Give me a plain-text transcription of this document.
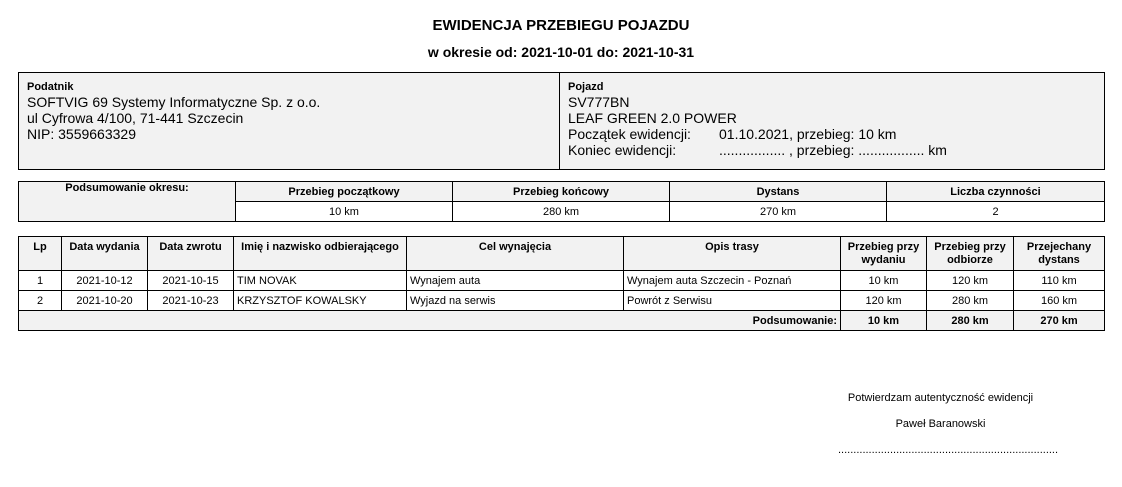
EWIDENCJA PRZEBIEGU POJAZDU
w okresie od: 2021-10-01 do: 2021-10-31
Podatnik
SOFTVIG 69 Systemy Informatyczne Sp. z o.o.
ul Cyfrowa 4/100, 71-441 Szczecin
NIP: 3559663329

Pojazd
SV777BN
LEAF GREEN 2.0 POWER
Początek ewidencji:	01.10.2021, przebieg: 10 km
Koniec ewidencji:	................. , przebieg: ................. km
Podsumowanie okresu:	Przebieg początkowy	Przebieg końcowy	Dystans	Liczba czynności
	10 km	280 km	270 km	2
Lp	Data wydania	Data zwrotu	Imię i nazwisko odbierającego	Cel wynajęcia	Opis trasy	Przebieg przy wydaniu	Przebieg przy odbiorze	Przejechany dystans
1	2021-10-12	2021-10-15	TIM NOVAK	Wynajem auta	Wynajem auta Szczecin - Poznań	10 km	120 km	110 km
2	2021-10-20	2021-10-23	KRZYSZTOF KOWALSKY	Wyjazd na serwis	Powrót z Serwisu	120 km	280 km	160 km
Podsumowanie:						10 km	280 km	270 km
Potwierdzam autentyczność ewidencji
Paweł Baranowski
........................................................................
